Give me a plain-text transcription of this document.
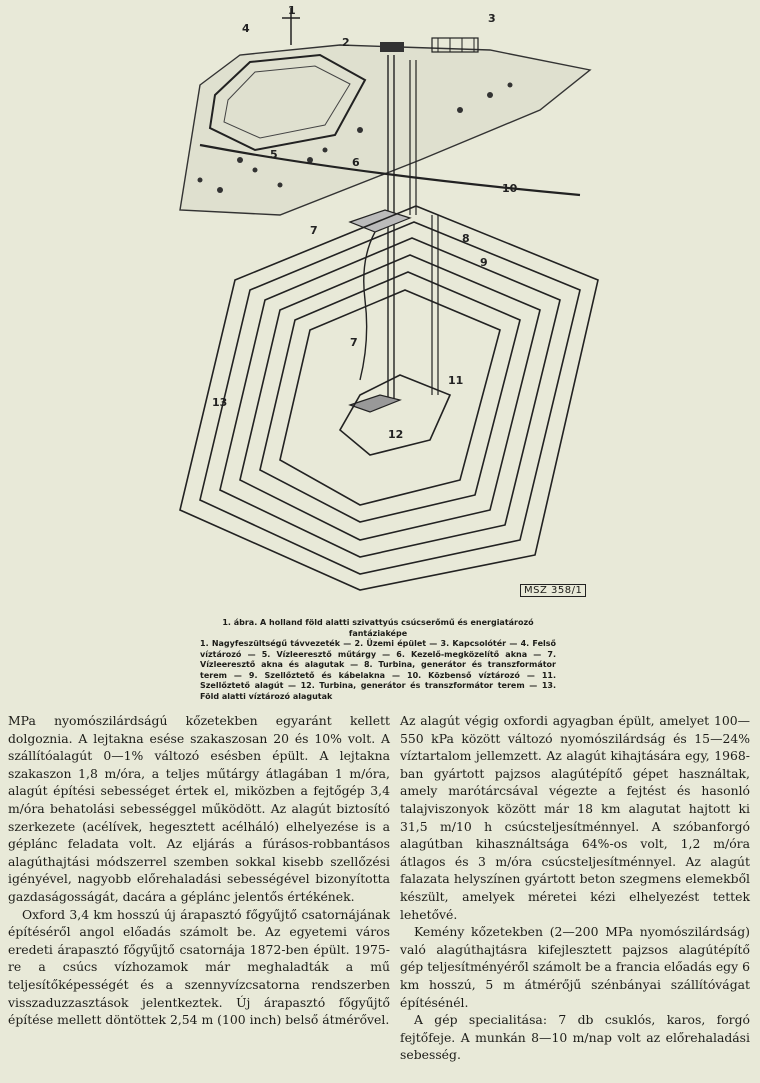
1
2
3
4
5
6
7
8
9
10
11
12
13
7
MSZ 358/1
1. ábra. A holland föld alatti szivattyús csúcserőmű és energiatározó fantáziaképe
1. Nagyfeszültségű távvezeték — 2. Üzemi épület — 3. Kapcsolótér — 4. Felső víztározó — 5. Vízleeresztő műtárgy — 6. Kezelő-megközelítő akna — 7. Vízleeresztő akna és alagutak — 8. Turbina, generátor és transzformátor terem — 9. Szellőztető és kábelakna — 10. Közbenső víztározó — 11. Szellőztető alagút — 12. Turbina, generátor és transzformátor terem — 13. Föld alatti víztározó alagutak

MPa nyomószilárdságú kőzetekben egyaránt kellett dolgoznia. A lejtakna esése szakaszosan 20 és 10% volt. A szállítóalagút 0—1% változó esésben épült. A lejtakna szakaszon 1,8 m/óra, a teljes műtárgy átlagában 1 m/óra, alagút építési sebességet értek el, miközben a fejtőgép 3,4 m/óra behatolási sebességgel működött. Az alagút biztosító szerkezete (acélívek, hegesztett acélháló) elhelyezése is a géplánc feladata volt. Az eljárás a fúrásos-robbantásos alagúthajtási módszerrel szemben sokkal kisebb szellőzési igényével, nagyobb előrehaladási sebességével bizonyította gazdaságosságát, dacára a géplánc jelentős értékének.

Oxford 3,4 km hosszú új árapasztó főgyűjtő csatornájának építéséről angol előadás számolt be. Az egyetemi város eredeti árapasztó főgyűjtő csatornája 1872-ben épült. 1975-re a csúcs vízhozamok már meghaladták a mű teljesítőképességét és a szennyvízcsatorna rendszerben visszaduzzasztások jelentkeztek. Új árapasztó főgyűjtő építése mellett döntöttek 2,54 m (100 inch) belső átmérővel.

Az alagút végig oxfordi agyagban épült, amelyet 100—550 kPa között változó nyomószilárdság és 15—24% víztartalom jellemzett. Az alagút kihajtására egy, 1968-ban gyártott pajzsos alagútépítő gépet használtak, amely marótárcsával végezte a fejtést és hasonló talajviszonyok között már 18 km alagutat hajtott ki 31,5 m/10 h csúcsteljesítménnyel. A szóbanforgó alagútban kihasználtsága 64%-os volt, 1,2 m/óra átlagos és 3 m/óra csúcsteljesítménnyel. Az alagút falazata helyszínen gyártott beton szegmens elemekből készült, amelyek méretei kézi elhelyezést tettek lehetővé.

Kemény kőzetekben (2—200 MPa nyomószilárdság) való alagúthajtásra kifejlesztett pajzsos alagútépítő gép teljesítményéről számolt be a francia előadás egy 6 km hosszú, 5 m átmérőjű szénbányai szállítóvágat építésénél.

A gép specialitása: 7 db csuklós, karos, forgó fejtőfeje. A munkán 8—10 m/nap volt az előrehaladási sebesség.
